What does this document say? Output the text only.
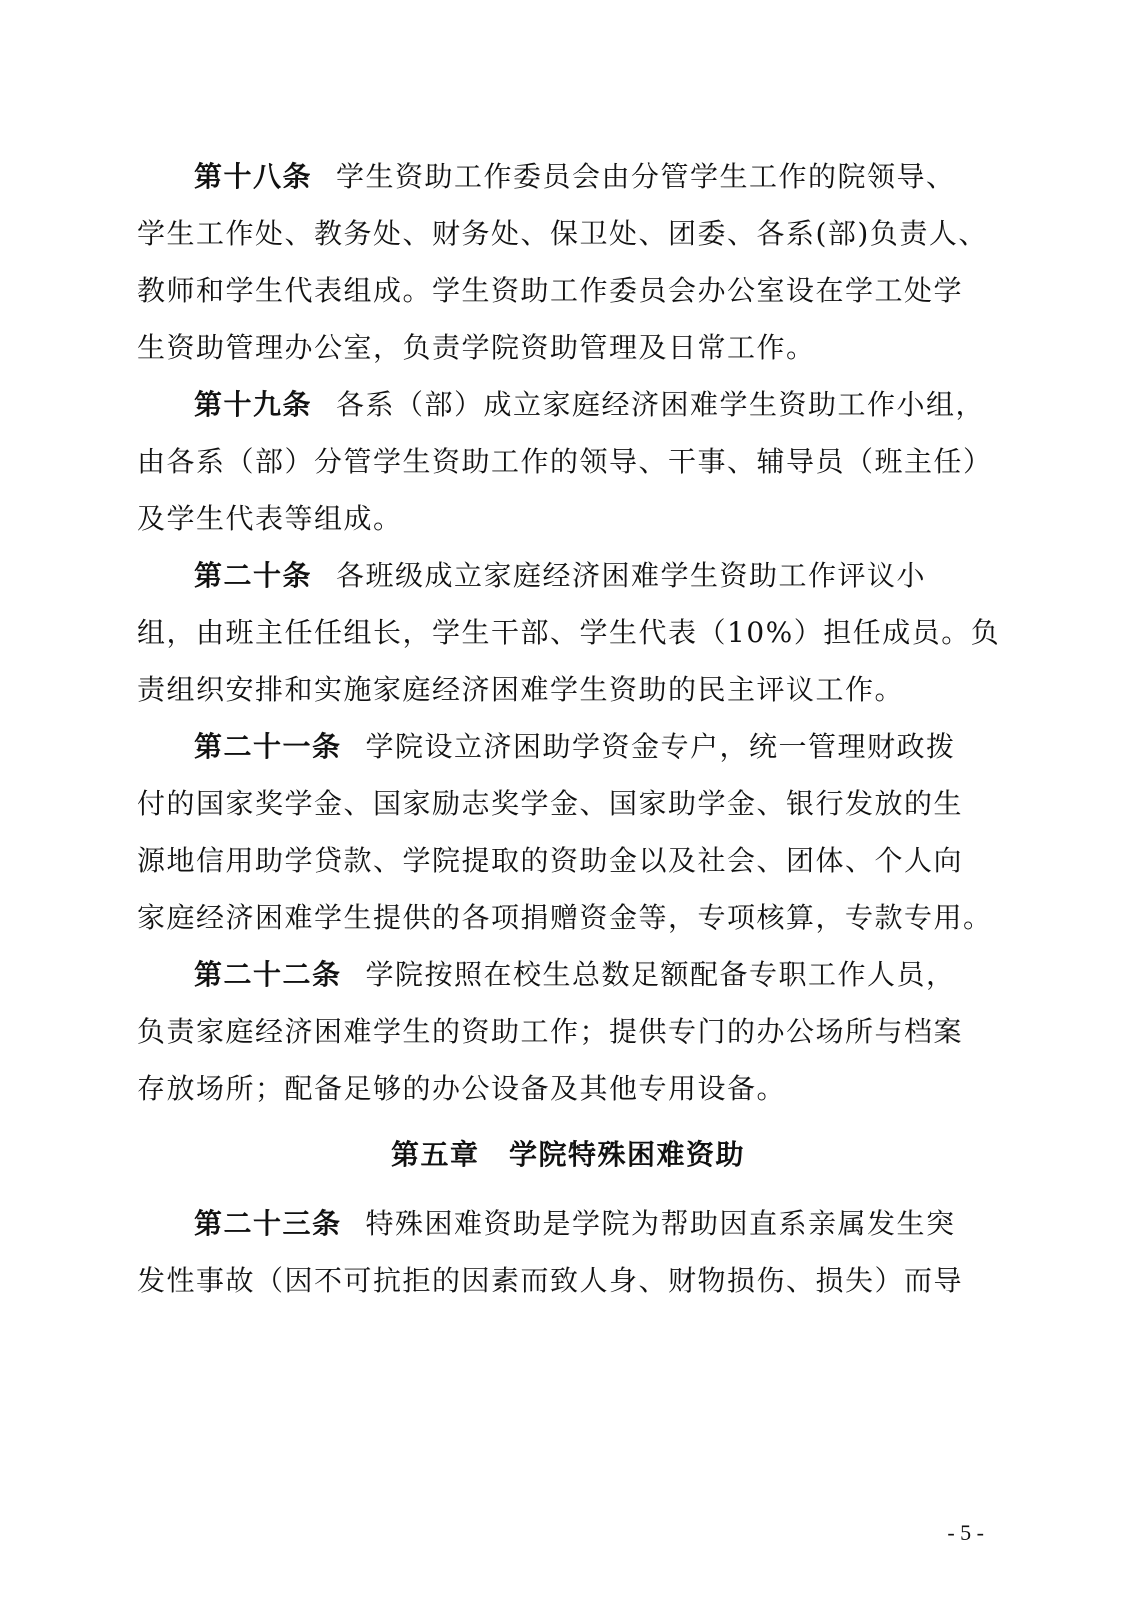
第十八条 学生资助工作委员会由分管学生工作的院领导、
学生工作处、教务处、财务处、保卫处、团委、各系(部)负责人、
教师和学生代表组成。学生资助工作委员会办公室设在学工处学
生资助管理办公室，负责学院资助管理及日常工作。
第十九条 各系（部）成立家庭经济困难学生资助工作小组，
由各系（部）分管学生资助工作的领导、干事、辅导员（班主任）
及学生代表等组成。
第二十条 各班级成立家庭经济困难学生资助工作评议小
组，由班主任任组长，学生干部、学生代表（10%）担任成员。负
责组织安排和实施家庭经济困难学生资助的民主评议工作。
第二十一条 学院设立济困助学资金专户，统一管理财政拨
付的国家奖学金、国家励志奖学金、国家助学金、银行发放的生
源地信用助学贷款、学院提取的资助金以及社会、团体、个人向
家庭经济困难学生提供的各项捐赠资金等，专项核算，专款专用。
第二十二条 学院按照在校生总数足额配备专职工作人员，
负责家庭经济困难学生的资助工作；提供专门的办公场所与档案
存放场所；配备足够的办公设备及其他专用设备。
第五章　学院特殊困难资助
第二十三条 特殊困难资助是学院为帮助因直系亲属发生突
发性事故（因不可抗拒的因素而致人身、财物损伤、损失）而导
- 5 -
